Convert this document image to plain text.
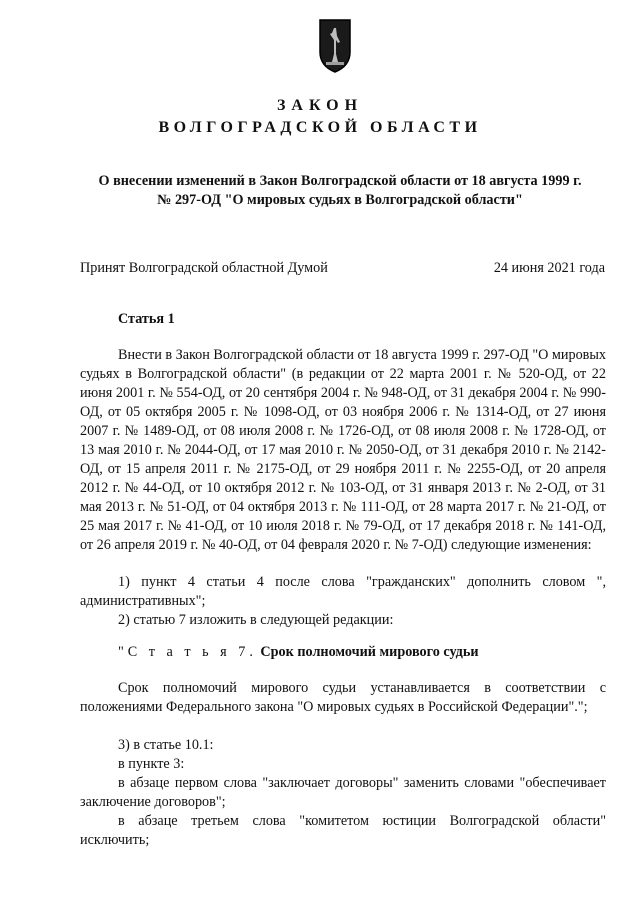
ЗАКОН
ВОЛГОГРАДСКОЙ ОБЛАСТИ
О внесении изменений в Закон Волгоградской области от 18 августа 1999 г.
№ 297-ОД "О мировых судьях в Волгоградской области"
Принят Волгоградской областной Думой	24 июня 2021 года
Статья 1

Внести в Закон Волгоградской области от 18 августа 1999 г. 297-ОД "О мировых судьях в Волгоградской области" (в редакции от 22 марта 2001 г. № 520-ОД, от 22 июня 2001 г. № 554-ОД, от 20 сентября 2004 г. № 948-ОД, от 31 декабря 2004 г. № 990-ОД, от 05 октября 2005 г. № 1098-ОД, от 03 ноября 2006 г. № 1314-ОД, от 27 июня 2007 г. № 1489-ОД, от 08 июля 2008 г. № 1726-ОД, от 08 июля 2008 г. № 1728-ОД, от 13 мая 2010 г. № 2044-ОД, от 17 мая 2010 г. № 2050-ОД, от 31 декабря 2010 г. № 2142-ОД, от 15 апреля 2011 г. № 2175-ОД, от 29 ноября 2011 г. № 2255-ОД, от 20 апреля 2012 г. № 44-ОД, от 10 октября 2012 г. № 103-ОД, от 31 января 2013 г. № 2-ОД, от 31 мая 2013 г. № 51-ОД, от 04 октября 2013 г. № 111-ОД, от 28 марта 2017 г. № 21-ОД, от 25 мая 2017 г. № 41-ОД, от 10 июля 2018 г. № 79-ОД, от 17 декабря 2018 г. № 141-ОД, от 26 апреля 2019 г. № 40-ОД, от 04 февраля 2020 г. № 7-ОД) следующие изменения:

1) пункт 4 статьи 4 после слова "гражданских" дополнить словом ", административных";

2) статью 7 изложить в следующей редакции:

"С т а т ь я 7. Срок полномочий мирового судьи

Срок полномочий мирового судьи устанавливается в соответствии с положениями Федерального закона "О мировых судьях в Российской Федерации".";

3) в статье 10.1:

в пункте 3:

в абзаце первом слова "заключает договоры" заменить словами "обеспечивает заключение договоров";

в абзаце третьем слова "комитетом юстиции Волгоградской области" исключить;
